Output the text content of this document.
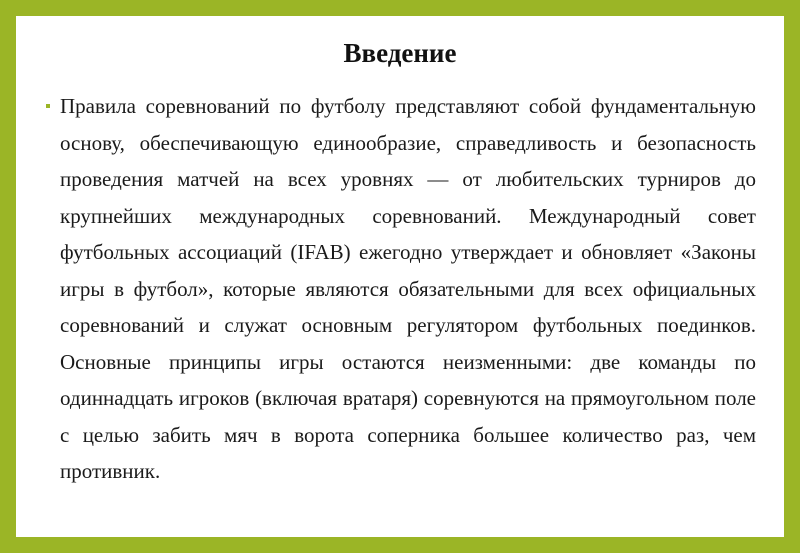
Введение

Правила соревнований по футболу представляют собой фундаментальную основу, обеспечивающую единообразие, справедливость и безопасность проведения матчей на всех уровнях — от любительских турниров до крупнейших международных соревнований. Международный совет футбольных ассоциаций (IFAB) ежегодно утверждает и обновляет «Законы игры в футбол», которые являются обязательными для всех официальных соревнований и служат основным регулятором футбольных поединков. Основные принципы игры остаются неизменными: две команды по одиннадцать игроков (включая вратаря) соревнуются на прямоугольном поле с целью забить мяч в ворота соперника большее количество раз, чем противник.
